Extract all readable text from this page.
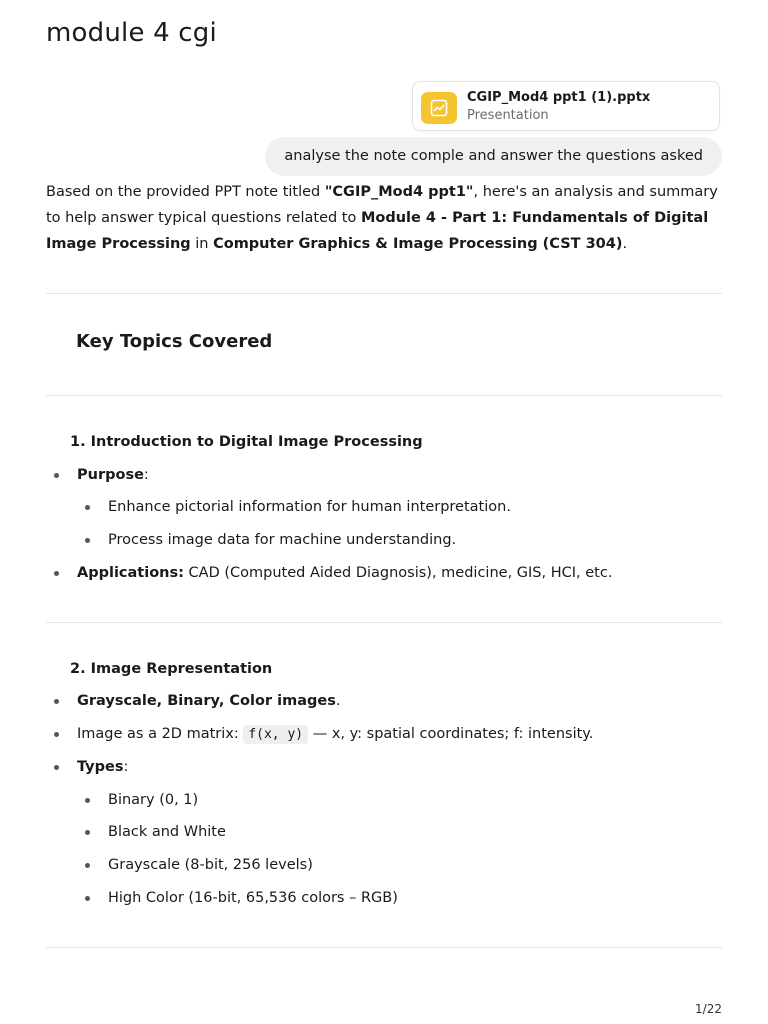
module 4 cgi
CGIP_Mod4 ppt1 (1).pptx
Presentation
analyse the note comple and answer the questions asked

Based on the provided PPT note titled "CGIP_Mod4 ppt1", here's an analysis and summary to help answer typical questions related to Module 4 - Part 1: Fundamentals of Digital Image Processing in Computer Graphics & Image Processing (CST 304).

Key Topics Covered
1. Introduction to Digital Image Processing
Purpose:
Enhance pictorial information for human interpretation.
Process image data for machine understanding.
Applications: CAD (Computed Aided Diagnosis), medicine, GIS, HCI, etc.
2. Image Representation
Grayscale, Binary, Color images.
Image as a 2D matrix: f(x, y) — x, y: spatial coordinates; f: intensity.
Types:
Binary (0, 1)
Black and White
Grayscale (8-bit, 256 levels)
High Color (16-bit, 65,536 colors – RGB)
1/22
